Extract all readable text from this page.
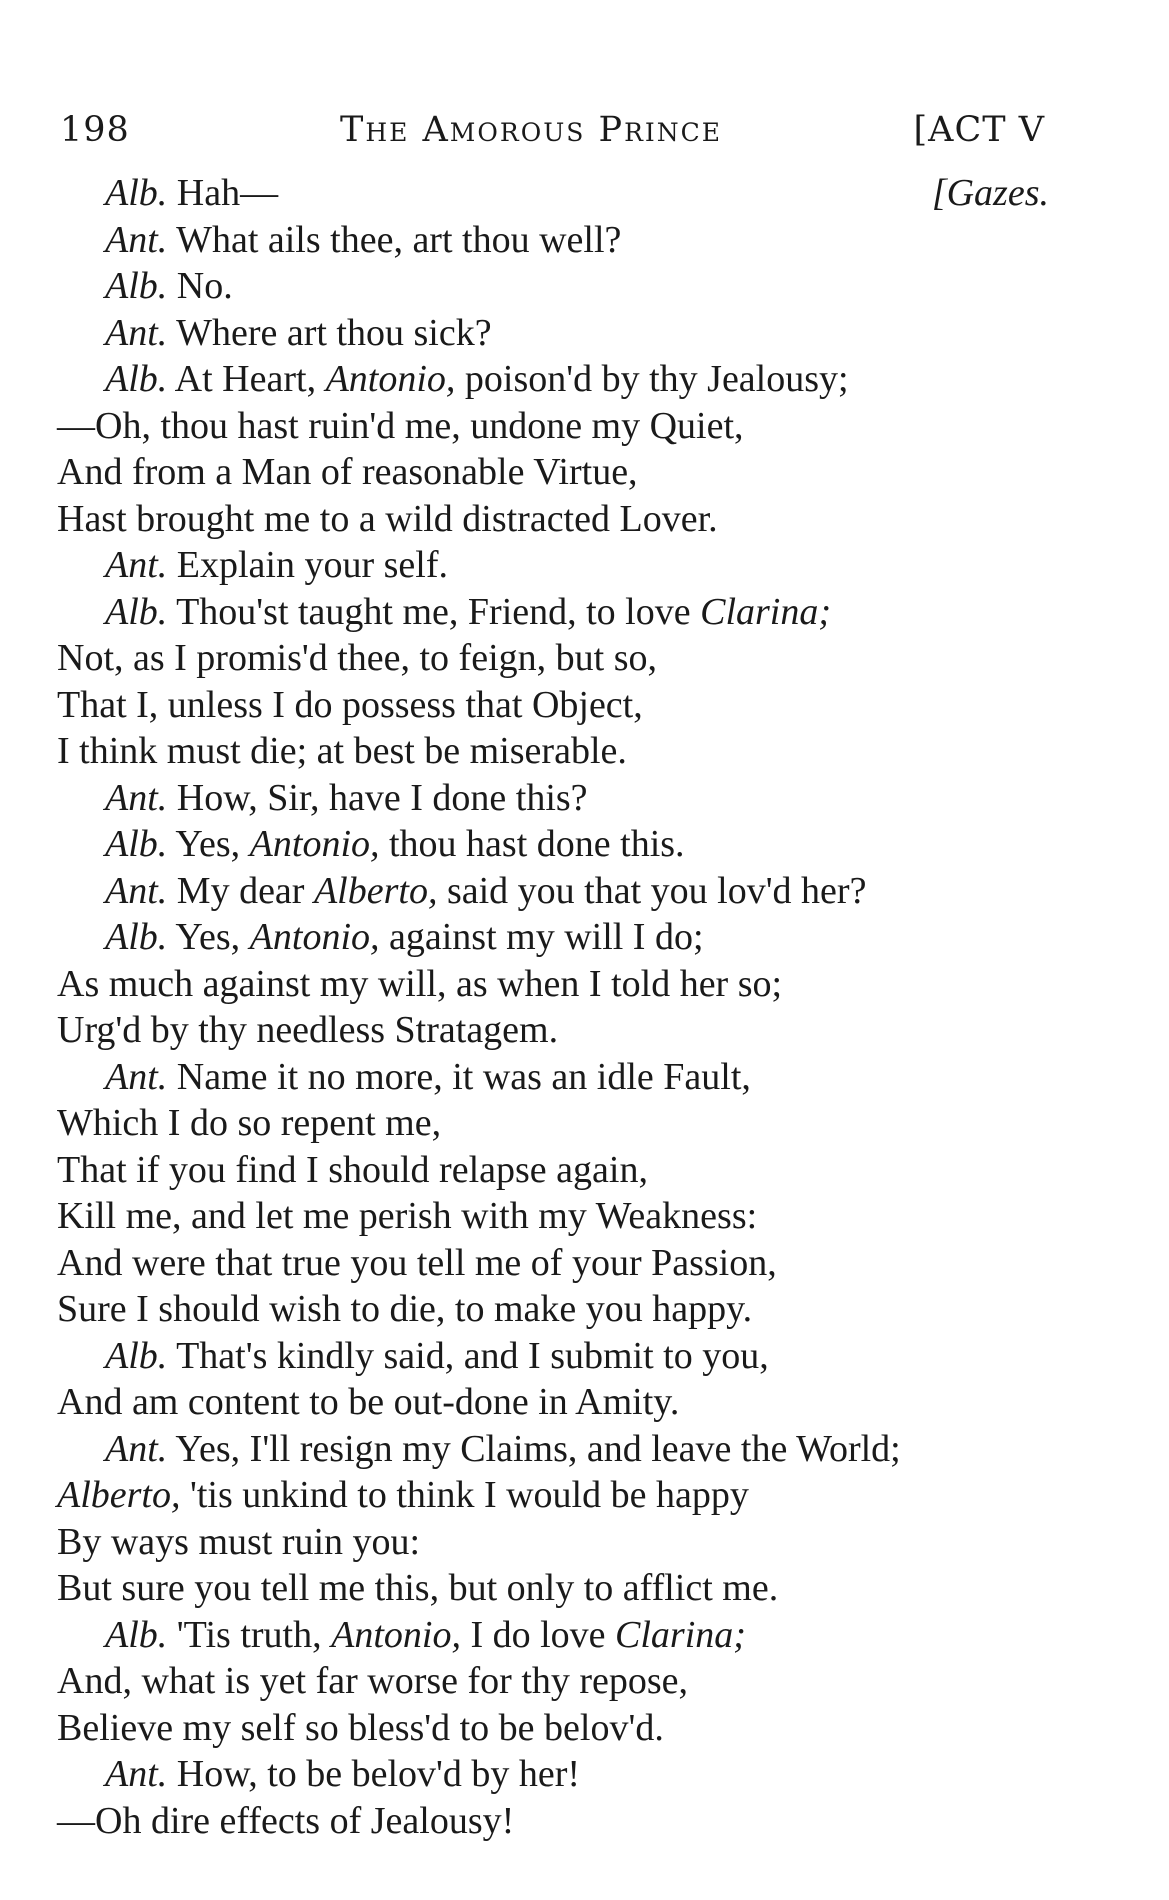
198	The Amorous Prince	[ACT V
Alb. Hah—	[Gazes.
Ant. What ails thee, art thou well?
Alb. No.
Ant. Where art thou sick?
Alb. At Heart, Antonio, poison'd by thy Jealousy;
—Oh, thou hast ruin'd me, undone my Quiet,
And from a Man of reasonable Virtue,
Hast brought me to a wild distracted Lover.
Ant. Explain your self.
Alb. Thou'st taught me, Friend, to love Clarina;
Not, as I promis'd thee, to feign, but so,
That I, unless I do possess that Object,
I think must die; at best be miserable.
Ant. How, Sir, have I done this?
Alb. Yes, Antonio, thou hast done this.
Ant. My dear Alberto, said you that you lov'd her?
Alb. Yes, Antonio, against my will I do;
As much against my will, as when I told her so;
Urg'd by thy needless Stratagem.
Ant. Name it no more, it was an idle Fault,
Which I do so repent me,
That if you find I should relapse again,
Kill me, and let me perish with my Weakness:
And were that true you tell me of your Passion,
Sure I should wish to die, to make you happy.
Alb. That's kindly said, and I submit to you,
And am content to be out-done in Amity.
Ant. Yes, I'll resign my Claims, and leave the World;
Alberto, 'tis unkind to think I would be happy
By ways must ruin you:
But sure you tell me this, but only to afflict me.
Alb. 'Tis truth, Antonio, I do love Clarina;
And, what is yet far worse for thy repose,
Believe my self so bless'd to be belov'd.
Ant. How, to be belov'd by her!
—Oh dire effects of Jealousy!
